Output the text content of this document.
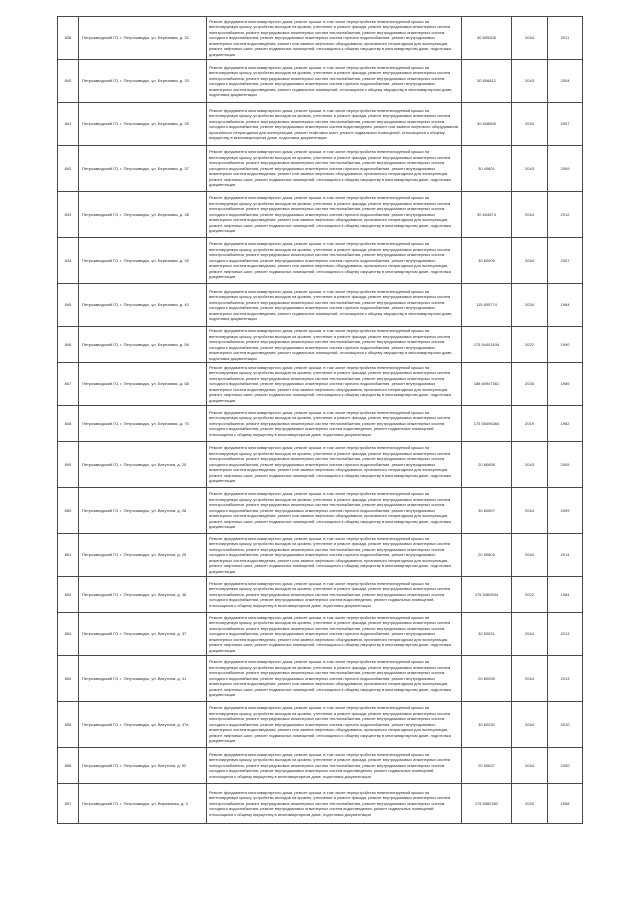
838	Петрозаводский ГО, г. Петрозаводск, ул. Березовая, д. 32	Ремонт фундамента многоквартирного дома, ремонт крыши, в том числе переустройство невентилируемой крыши на вентилируемую крышу, устройство выходов на кровлю, утепление и ремонт фасада, ремонт внутридомовых инженерных систем электроснабжения, ремонт внутридомовых инженерных систем теплоснабжения, ремонт внутридомовых инженерных систем холодного водоснабжения, ремонт внутридомовых инженерных систем горячего водоснабжения, ремонт внутридомовых инженерных систем водоотведения, ремонт или замена лифтового оборудования, признанного непригодным для эксплуатации, ремонт лифтовых шахт, ремонт подвальных помещений, относящихся к общему имуществу в многоквартирном доме, подготовка документации	30 605305	2044	2011
840	Петрозаводский ГО, г. Петрозаводск, ул. Березовая, д. 33	Ремонт фундамента многоквартирного дома, ремонт крыши, в том числе переустройство невентилируемой крыши на вентилируемую крышу, устройство выходов на кровлю, утепление и ремонт фасада, ремонт внутридомовых инженерных систем электроснабжения, ремонт внутридомовых инженерных систем теплоснабжения, ремонт внутридомовых инженерных систем холодного водоснабжения, ремонт внутридомовых инженерных систем горячего водоснабжения, ремонт внутридомовых инженерных систем водоотведения, ремонт подвальных помещений, относящихся к общему имуществу в многоквартирном доме, подготовка документации	30 606812	2043	2004
841	Петрозаводский ГО, г. Петрозаводск, ул. Березовая, д. 35	Ремонт фундамента многоквартирного дома, ремонт крыши, в том числе переустройство невентилируемой крыши на вентилируемую крышу, устройство выходов на кровлю, утепление и ремонт фасада, ремонт внутридомовых инженерных систем электроснабжения, ремонт внутридомовых инженерных систем теплоснабжения, ремонт внутридомовых инженерных систем холодного водоснабжения, ремонт внутридомовых инженерных систем водоотведения, ремонт или замена лифтового оборудования, признанного непригодным для эксплуатации, ремонт лифтовых шахт, ремонт подвальных помещений, относящихся к общему имуществу в многоквартирном доме, подготовка документации	30 608809	2044	2007
842	Петрозаводский ГО, г. Петрозаводск, ул. Березовая, д. 37	Ремонт фундамента многоквартирного дома, ремонт крыши, в том числе переустройство невентилируемой крыши на вентилируемую крышу, устройство выходов на кровлю, утепление и ремонт фасада, ремонт внутридомовых инженерных систем электроснабжения, ремонт внутридомовых инженерных систем теплоснабжения, ремонт внутридомовых инженерных систем холодного водоснабжения, ремонт внутридомовых инженерных систем горячего водоснабжения, ремонт внутридомовых инженерных систем водоотведения, ремонт или замена лифтового оборудования, признанного непригодным для эксплуатации, ремонт лифтовых шахт, ремонт подвальных помещений, относящихся к общему имуществу в многоквартирном доме, подготовка документации	30 40801	2043	2009
843	Петрозаводский ГО, г. Петрозаводск, ул. Березовая, д. 38	Ремонт фундамента многоквартирного дома, ремонт крыши, в том числе переустройство невентилируемой крыши на вентилируемую крышу, устройство выходов на кровлю, утепление и ремонт фасада, ремонт внутридомовых инженерных систем электроснабжения, ремонт внутридомовых инженерных систем теплоснабжения, ремонт внутридомовых инженерных систем холодного водоснабжения, ремонт внутридомовых инженерных систем горячего водоснабжения, ремонт внутридомовых инженерных систем водоотведения, ремонт или замена лифтового оборудования, признанного непригодным для эксплуатации, ремонт лифтовых шахт, ремонт подвальных помещений, относящихся к общему имуществу в многоквартирном доме, подготовка документации	30 604874	2044	2012
844	Петрозаводский ГО, г. Петрозаводск, ул. Березовая, д. 39	Ремонт фундамента многоквартирного дома, ремонт крыши, в том числе переустройство невентилируемой крыши на вентилируемую крышу, устройство выходов на кровлю, утепление и ремонт фасада, ремонт внутридомовых инженерных систем электроснабжения, ремонт внутридомовых инженерных систем теплоснабжения, ремонт внутридомовых инженерных систем холодного водоснабжения, ремонт внутридомовых инженерных систем горячего водоснабжения, ремонт внутридомовых инженерных систем водоотведения, ремонт или замена лифтового оборудования, признанного непригодным для эксплуатации, ремонт лифтовых шахт, ремонт подвальных помещений, относящихся к общему имуществу в многоквартирном доме, подготовка документации	30 60009	2044	2007
845	Петрозаводский ГО, г. Петрозаводск, ул. Березовая, д. 40	Ремонт фундамента многоквартирного дома, ремонт крыши, в том числе переустройство невентилируемой крыши на вентилируемую крышу, устройство выходов на кровлю, утепление и ремонт фасада, ремонт внутридомовых инженерных систем электроснабжения, ремонт внутридомовых инженерных систем теплоснабжения, ремонт внутридомовых инженерных систем холодного водоснабжения, ремонт внутридомовых инженерных систем горячего водоснабжения, ремонт внутридомовых инженерных систем водоотведения, ремонт подвальных помещений, относящихся к общему имуществу в многоквартирном доме, подготовка документации	115 655774	2034	1984
846	Петрозаводский ГО, г. Петрозаводск, ул. Березовая, д. 56	Ремонт фундамента многоквартирного дома, ремонт крыши, в том числе переустройство невентилируемой крыши на вентилируемую крышу, устройство выходов на кровлю, утепление и ремонт фасада, ремонт внутридомовых инженерных систем электроснабжения, ремонт внутридомовых инженерных систем теплоснабжения, ремонт внутридомовых инженерных систем холодного водоснабжения, ремонт внутридомовых инженерных систем горячего водоснабжения, ремонт внутридомовых инженерных систем водоотведения, ремонт подвальных помещений, относящихся к общему имуществу в многоквартирном доме, подготовка документации	175 54401634	2022	1990
847	Петрозаводский ГО, г. Петрозаводск, ул. Березовая, д. 58	Ремонт фундамента многоквартирного дома, ремонт крыши, в том числе переустройство невентилируемой крыши на вентилируемую крышу, устройство выходов на кровлю, утепление и ремонт фасада, ремонт внутридомовых инженерных систем электроснабжения, ремонт внутридомовых инженерных систем теплоснабжения, ремонт внутридомовых инженерных систем холодного водоснабжения, ремонт внутридомовых инженерных систем горячего водоснабжения, ремонт внутридомовых инженерных систем водоотведения, ремонт или замена лифтового оборудования, признанного непригодным для эксплуатации, ремонт лифтовых шахт, ремонт подвальных помещений, относящихся к общему имуществу в многоквартирном доме, подготовка документации	188 60947361	2026	1989
848	Петрозаводский ГО, г. Петрозаводск, ул. Березовая, д. 70	Ремонт фундамента многоквартирного дома, ремонт крыши, в том числе переустройство невентилируемой крыши на вентилируемую крышу, устройство выходов на кровлю, утепление и ремонт фасада, ремонт внутридомовых инженерных систем электроснабжения, ремонт внутридомовых инженерных систем теплоснабжения, ремонт внутридомовых инженерных систем холодного водоснабжения, ремонт внутридомовых инженерных систем водоотведения, ремонт подвальных помещений, относящихся к общему имуществу в многоквартирном доме, подготовка документации	175 55496364	2019	1962
849	Петрозаводский ГО, г. Петрозаводск, ул. Ватутина, д. 25	Ремонт фундамента многоквартирного дома, ремонт крыши, в том числе переустройство невентилируемой крыши на вентилируемую крышу, устройство выходов на кровлю, утепление и ремонт фасада, ремонт внутридомовых инженерных систем электроснабжения, ремонт внутридомовых инженерных систем теплоснабжения, ремонт внутридомовых инженерных систем холодного водоснабжения, ремонт внутридомовых инженерных систем горячего водоснабжения, ремонт внутридомовых инженерных систем водоотведения, ремонт или замена лифтового оборудования, признанного непригодным для эксплуатации, ремонт лифтовых шахт, ремонт подвальных помещений, относящихся к общему имуществу в многоквартирном доме, подготовка документации	20 80658	2043	2005
850	Петрозаводский ГО, г. Петрозаводск, ул. Ватутина, д. 28	Ремонт фундамента многоквартирного дома, ремонт крыши, в том числе переустройство невентилируемой крыши на вентилируемую крышу, устройство выходов на кровлю, утепление и ремонт фасада, ремонт внутридомовых инженерных систем электроснабжения, ремонт внутридомовых инженерных систем теплоснабжения, ремонт внутридомовых инженерных систем холодного водоснабжения, ремонт внутридомовых инженерных систем горячего водоснабжения, ремонт внутридомовых инженерных систем водоотведения, ремонт или замена лифтового оборудования, признанного непригодным для эксплуатации, ремонт лифтовых шахт, ремонт подвальных помещений, относящихся к общему имуществу в многоквартирном доме, подготовка документации	30 60507	2044	2009
851	Петрозаводский ГО, г. Петрозаводск, ул. Ватутина, д. 29	Ремонт фундамента многоквартирного дома, ремонт крыши, в том числе переустройство невентилируемой крыши на вентилируемую крышу, устройство выходов на кровлю, утепление и ремонт фасада, ремонт внутридомовых инженерных систем электроснабжения, ремонт внутридомовых инженерных систем теплоснабжения, ремонт внутридомовых инженерных систем холодного водоснабжения, ремонт внутридомовых инженерных систем горячего водоснабжения, ремонт внутридомовых инженерных систем водоотведения, ремонт или замена лифтового оборудования, признанного непригодным для эксплуатации, ремонт лифтовых шахт, ремонт подвальных помещений, относящихся к общему имуществу в многоквартирном доме, подготовка документации	20 50803	2044	2014
852	Петрозаводский ГО, г. Петрозаводск, ул. Ватутина, д. 36	Ремонт фундамента многоквартирного дома, ремонт крыши, в том числе переустройство невентилируемой крыши на вентилируемую крышу, устройство выходов на кровлю, утепление и ремонт фасада, ремонт внутридомовых инженерных систем электроснабжения, ремонт внутридомовых инженерных систем теплоснабжения, ремонт внутридомовых инженерных систем холодного водоснабжения, ремонт внутридомовых инженерных систем водоотведения, ремонт подвальных помещений, относящихся к общему имуществу в многоквартирном доме, подготовка документации	175 5469944	2022	1984
853	Петрозаводский ГО, г. Петрозаводск, ул. Ватутина, д. 37	Ремонт фундамента многоквартирного дома, ремонт крыши, в том числе переустройство невентилируемой крыши на вентилируемую крышу, устройство выходов на кровлю, утепление и ремонт фасада, ремонт внутридомовых инженерных систем электроснабжения, ремонт внутридомовых инженерных систем теплоснабжения, ремонт внутридомовых инженерных систем холодного водоснабжения, ремонт внутридомовых инженерных систем горячего водоснабжения, ремонт внутридомовых инженерных систем водоотведения, ремонт или замена лифтового оборудования, признанного непригодным для эксплуатации, ремонт лифтовых шахт, ремонт подвальных помещений, относящихся к общему имуществу в многоквартирном доме, подготовка документации	30 50531	2044	2013
854	Петрозаводский ГО, г. Петрозаводск, ул. Ватутина, д. 41	Ремонт фундамента многоквартирного дома, ремонт крыши, в том числе переустройство невентилируемой крыши на вентилируемую крышу, устройство выходов на кровлю, утепление и ремонт фасада, ремонт внутридомовых инженерных систем электроснабжения, ремонт внутридомовых инженерных систем теплоснабжения, ремонт внутридомовых инженерных систем холодного водоснабжения, ремонт внутридомовых инженерных систем горячего водоснабжения, ремонт внутридомовых инженерных систем водоотведения, ремонт или замена лифтового оборудования, признанного непригодным для эксплуатации, ремонт лифтовых шахт, ремонт подвальных помещений, относящихся к общему имуществу в многоквартирном доме, подготовка документации	20 60035	2044	2013
855	Петрозаводский ГО, г. Петрозаводск, ул. Ватутина, д. 47а	Ремонт фундамента многоквартирного дома, ремонт крыши, в том числе переустройство невентилируемой крыши на вентилируемую крышу, устройство выходов на кровлю, утепление и ремонт фасада, ремонт внутридомовых инженерных систем электроснабжения, ремонт внутридомовых инженерных систем теплоснабжения, ремонт внутридомовых инженерных систем холодного водоснабжения, ремонт внутридомовых инженерных систем горячего водоснабжения, ремонт внутридомовых инженерных систем водоотведения, ремонт или замена лифтового оборудования, признанного непригодным для эксплуатации, ремонт лифтовых шахт, ремонт подвальных помещений, относящихся к общему имуществу в многоквартирном доме, подготовка документации	30 60030	2044	2010
856	Петрозаводский ГО, г. Петрозаводск, ул. Ватутина, д. 52	Ремонт фундамента многоквартирного дома, ремонт крыши, в том числе переустройство невентилируемой крыши на вентилируемую крышу, устройство выходов на кровлю, утепление и ремонт фасада, ремонт внутридомовых инженерных систем электроснабжения, ремонт внутридомовых инженерных систем теплоснабжения, ремонт внутридомовых инженерных систем холодного водоснабжения, ремонт внутридомовых инженерных систем водоотведения, ремонт подвальных помещений, относящихся к общему имуществу в многоквартирном доме, подготовка документации	20 50637	2044	2000
857	Петрозаводский ГО, г. Петрозаводск, ул. Варламова, д. 3	Ремонт фундамента многоквартирного дома, ремонт крыши, в том числе переустройство невентилируемой крыши на вентилируемую крышу, устройство выходов на кровлю, утепление и ремонт фасада, ремонт внутридомовых инженерных систем электроснабжения, ремонт внутридомовых инженерных систем теплоснабжения, ремонт внутридомовых инженерных систем холодного водоснабжения, ремонт внутридомовых инженерных систем водоотведения, ремонт подвальных помещений, относящихся к общему имуществу в многоквартирном доме, подготовка документации	175 5582362	2020	1958
